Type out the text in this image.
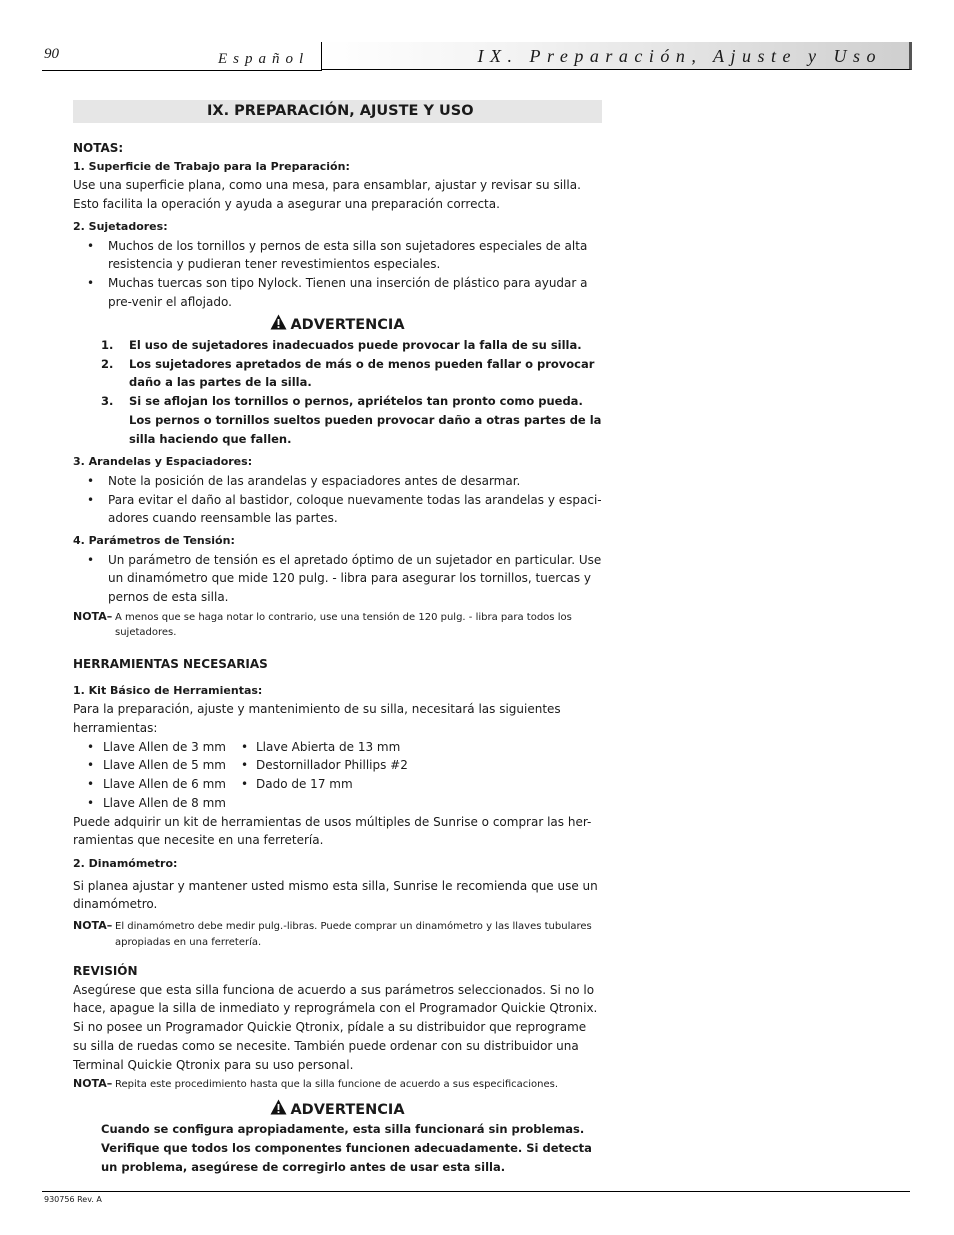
90	Español	IX. Preparación, Ajuste y Uso
IX. PREPARACIÓN, AJUSTE Y USO
NOTAS:
1. Superficie de Trabajo para la Preparación:
Use una superficie plana, como una mesa, para ensamblar, ajustar y revisar su silla. Esto facilita la operación y ayuda a asegurar una preparación correcta.
2. Sujetadores:
• Muchos de los tornillos y pernos de esta silla son sujetadores especiales de alta resistencia y pudieran tener revestimientos especiales.
• Muchas tuercas son tipo Nylock. Tienen una inserción de plástico para ayudar a pre-venir el aflojado.
ADVERTENCIA
1. El uso de sujetadores inadecuados puede provocar la falla de su silla.
2. Los sujetadores apretados de más o de menos pueden fallar o provocar daño a las partes de la silla.
3. Si se aflojan los tornillos o pernos, apriételos tan pronto como pueda. Los pernos o tornillos sueltos pueden provocar daño a otras partes de la silla haciendo que fallen.
3. Arandelas y Espaciadores:
• Note la posición de las arandelas y espaciadores antes de desarmar.
• Para evitar el daño al bastidor, coloque nuevamente todas las arandelas y espaci-adores cuando reensamble las partes.
4. Parámetros de Tensión:
• Un parámetro de tensión es el apretado óptimo de un sujetador en particular. Use un dinamómetro que mide 120 pulg. - libra para asegurar los tornillos, tuercas y pernos de esta silla.
NOTA– A menos que se haga notar lo contrario, use una tensión de 120 pulg. - libra para todos los sujetadores.
HERRAMIENTAS NECESARIAS
1. Kit Básico de Herramientas:
Para la preparación, ajuste y mantenimiento de su silla, necesitará las siguientes herramientas:
• Llave Allen de 3 mm
• Llave Allen de 5 mm
• Llave Allen de 6 mm
• Llave Allen de 8 mm
• Llave Abierta de 13 mm
• Destornillador Phillips #2
• Dado de 17 mm
Puede adquirir un kit de herramientas de usos múltiples de Sunrise o comprar las her-ramientas que necesite en una ferretería.
2. Dinamómetro:
Si planea ajustar y mantener usted mismo esta silla, Sunrise le recomienda que use un dinamómetro.
NOTA– El dinamómetro debe medir pulg.-libras. Puede comprar un dinamómetro y las llaves tubulares apropiadas en una ferretería.
REVISIÓN
Asegúrese que esta silla funciona de acuerdo a sus parámetros seleccionados. Si no lo hace, apague la silla de inmediato y reprográmela con el Programador Quickie Qtronix. Si no posee un Programador Quickie Qtronix, pídale a su distribuidor que reprograme su silla de ruedas como se necesite. También puede ordenar con su distribuidor una Terminal Quickie Qtronix para su uso personal.
NOTA– Repita este procedimiento hasta que la silla funcione de acuerdo a sus especificaciones.
ADVERTENCIA
Cuando se configura apropiadamente, esta silla funcionará sin problemas. Verifique que todos los componentes funcionen adecuadamente. Si detecta un problema, asegúrese de corregirlo antes de usar esta silla.
930756 Rev. A
